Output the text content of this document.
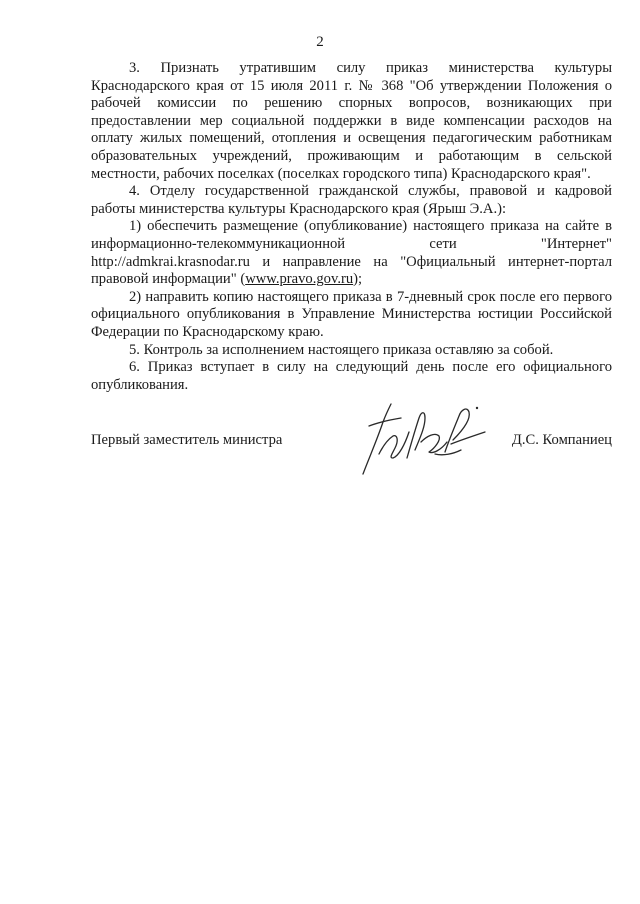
2

3. Признать утратившим силу приказ министерства культуры Краснодарского края от 15 июля 2011 г. № 368 "Об утверждении Положения о рабочей комиссии по решению спорных вопросов, возникающих при предоставлении мер социальной поддержки в виде компенсации расходов на оплату жилых помещений, отопления и освещения педагогическим работникам образовательных учреждений, проживающим и работающим в сельской местности, рабочих поселках (поселках городского типа) Краснодарского края".

4. Отделу государственной гражданской службы, правовой и кадровой работы министерства культуры Краснодарского края (Ярыш Э.А.):

1) обеспечить размещение (опубликование) настоящего приказа на сайте в информационно-телекоммуникационной сети "Интернет" http://admkrai.krasnodar.ru и направление на "Официальный интернет-портал правовой информации" (www.pravo.gov.ru);

2) направить копию настоящего приказа в 7-дневный срок после его первого официального опубликования в Управление Министерства юстиции Российской Федерации по Краснодарскому краю.

5. Контроль за исполнением настоящего приказа оставляю за собой.

6. Приказ вступает в силу на следующий день после его официального опубликования.

Первый заместитель министра	Д.С. Компаниец
